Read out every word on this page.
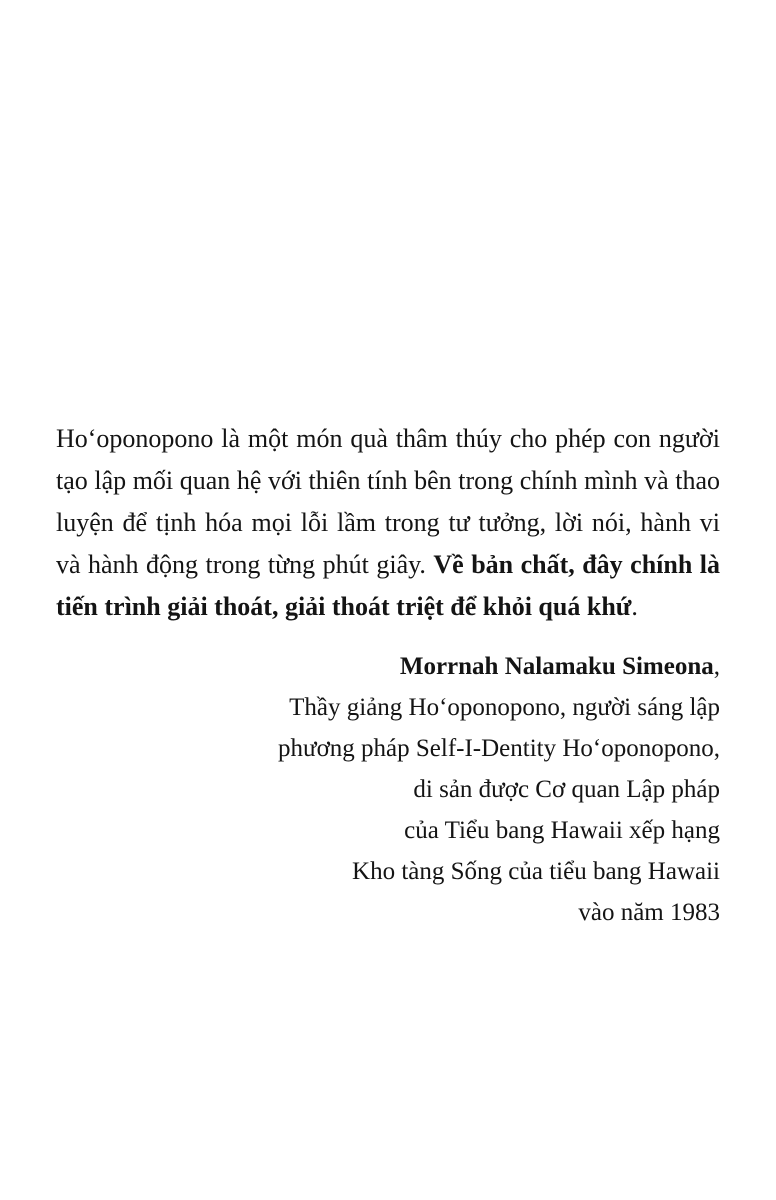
Ho‘oponopono là một món quà thâm thúy cho phép con người tạo lập mối quan hệ với thiên tính bên trong chính mình và thao luyện để tịnh hóa mọi lỗi lầm trong tư tưởng, lời nói, hành vi và hành động trong từng phút giây. Về bản chất, đây chính là tiến trình giải thoát, giải thoát triệt để khỏi quá khứ.

Morrnah Nalamaku Simeona,
Thầy giảng Ho‘oponopono, người sáng lập
phương pháp Self-I-Dentity Ho‘oponopono,
di sản được Cơ quan Lập pháp
của Tiểu bang Hawaii xếp hạng
Kho tàng Sống của tiểu bang Hawaii
vào năm 1983
